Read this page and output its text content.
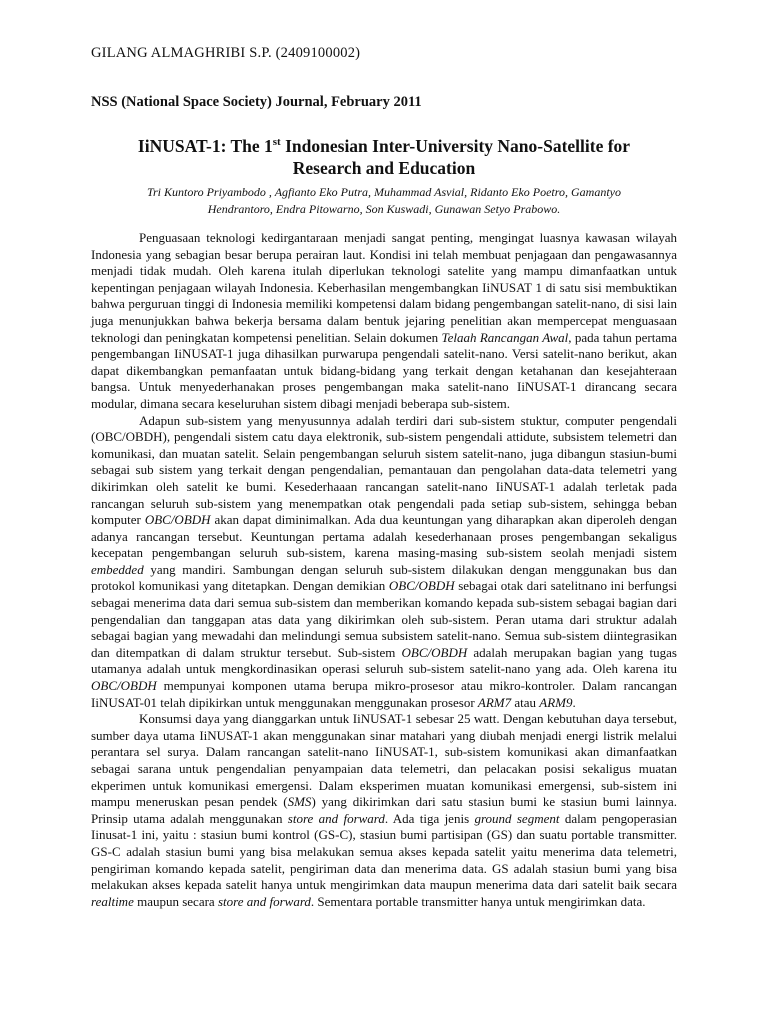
GILANG ALMAGHRIBI S.P. (2409100002)
NSS (National Space Society) Journal, February 2011
IiNUSAT-1: The 1st Indonesian Inter-University Nano-Satellite for
Research and Education
Tri Kuntoro Priyambodo , Agfianto Eko Putra, Muhammad Asvial, Ridanto Eko Poetro, Gamantyo
Hendrantoro, Endra Pitowarno, Son Kuswadi, Gunawan Setyo Prabowo.

Penguasaan teknologi kedirgantaraan menjadi sangat penting, mengingat luasnya kawasan wilayah Indonesia yang sebagian besar berupa perairan laut. Kondisi ini telah membuat penjagaan dan pengawasannya menjadi tidak mudah. Oleh karena itulah diperlukan teknologi satelite yang mampu dimanfaatkan untuk kepentingan penjagaan wilayah Indonesia. Keberhasilan mengembangkan IiNUSAT 1 di satu sisi membuktikan bahwa perguruan tinggi di Indonesia memiliki kompetensi dalam bidang pengembangan satelit-nano, di sisi lain juga menunjukkan bahwa bekerja bersama dalam bentuk jejaring penelitian akan mempercepat menguasaan teknologi dan peningkatan kompetensi penelitian. Selain dokumen Telaah Rancangan Awal, pada tahun pertama pengembangan IiNUSAT-1 juga dihasilkan purwarupa pengendali satelit-nano. Versi satelit-nano berikut, akan dapat dikembangkan pemanfaatan untuk bidang-bidang yang terkait dengan ketahanan dan kesejahteraan bangsa. Untuk menyederhanakan proses pengembangan maka satelit-nano IiNUSAT-1 dirancang secara modular, dimana secara keseluruhan sistem dibagi menjadi beberapa sub-sistem.

Adapun sub-sistem yang menyusunnya adalah terdiri dari sub-sistem stuktur, computer pengendali (OBC/OBDH), pengendali sistem catu daya elektronik, sub-sistem pengendali attidute, subsistem telemetri dan komunikasi, dan muatan satelit. Selain pengembangan seluruh sistem satelit-nano, juga dibangun stasiun-bumi sebagai sub sistem yang terkait dengan pengendalian, pemantauan dan pengolahan data-data telemetri yang dikirimkan oleh satelit ke bumi. Kesederhaaan rancangan satelit-nano IiNUSAT-1 adalah terletak pada rancangan seluruh sub-sistem yang menempatkan otak pengendali pada setiap sub-sistem, sehingga beban komputer OBC/OBDH akan dapat diminimalkan. Ada dua keuntungan yang diharapkan akan diperoleh dengan adanya rancangan tersebut. Keuntungan pertama adalah kesederhanaan proses pengembangan sekaligus kecepatan pengembangan seluruh sub-sistem, karena masing-masing sub-sistem seolah menjadi sistem embedded yang mandiri. Sambungan dengan seluruh sub-sistem dilakukan dengan menggunakan bus dan protokol komunikasi yang ditetapkan. Dengan demikian OBC/OBDH sebagai otak dari satelitnano ini berfungsi sebagai menerima data dari semua sub-sistem dan memberikan komando kepada sub-sistem sebagai bagian dari pengendalian dan tanggapan atas data yang dikirimkan oleh sub-sistem. Peran utama dari struktur adalah sebagai bagian yang mewadahi dan melindungi semua subsistem satelit-nano. Semua sub-sistem diintegrasikan dan ditempatkan di dalam struktur tersebut. Sub-sistem OBC/OBDH adalah merupakan bagian yang tugas utamanya adalah untuk mengkordinasikan operasi seluruh sub-sistem satelit-nano yang ada. Oleh karena itu OBC/OBDH mempunyai komponen utama berupa mikro-prosesor atau mikro-kontroler. Dalam rancangan IiNUSAT-01 telah dipikirkan untuk menggunakan menggunakan prosesor ARM7 atau ARM9.

Konsumsi daya yang dianggarkan untuk IiNUSAT-1 sebesar 25 watt. Dengan kebutuhan daya tersebut, sumber daya utama IiNUSAT-1 akan menggunakan sinar matahari yang diubah menjadi energi listrik melalui perantara sel surya. Dalam rancangan satelit-nano IiNUSAT-1, sub-sistem komunikasi akan dimanfaatkan sebagai sarana untuk pengendalian penyampaian data telemetri, dan pelacakan posisi sekaligus muatan ekperimen untuk komunikasi emergensi. Dalam eksperimen muatan komunikasi emergensi, sub-sistem ini mampu meneruskan pesan pendek (SMS) yang dikirimkan dari satu stasiun bumi ke stasiun bumi lainnya. Prinsip utama adalah menggunakan store and forward. Ada tiga jenis ground segment dalam pengoperasian Iinusat-1 ini, yaitu : stasiun bumi kontrol (GS-C), stasiun bumi partisipan (GS) dan suatu portable transmitter. GS-C adalah stasiun bumi yang bisa melakukan semua akses kepada satelit yaitu menerima data telemetri, pengiriman komando kepada satelit, pengiriman data dan menerima data. GS adalah stasiun bumi yang bisa melakukan akses kepada satelit hanya untuk mengirimkan data maupun menerima data dari satelit baik secara realtime maupun secara store and forward. Sementara portable transmitter hanya untuk mengirimkan data.
